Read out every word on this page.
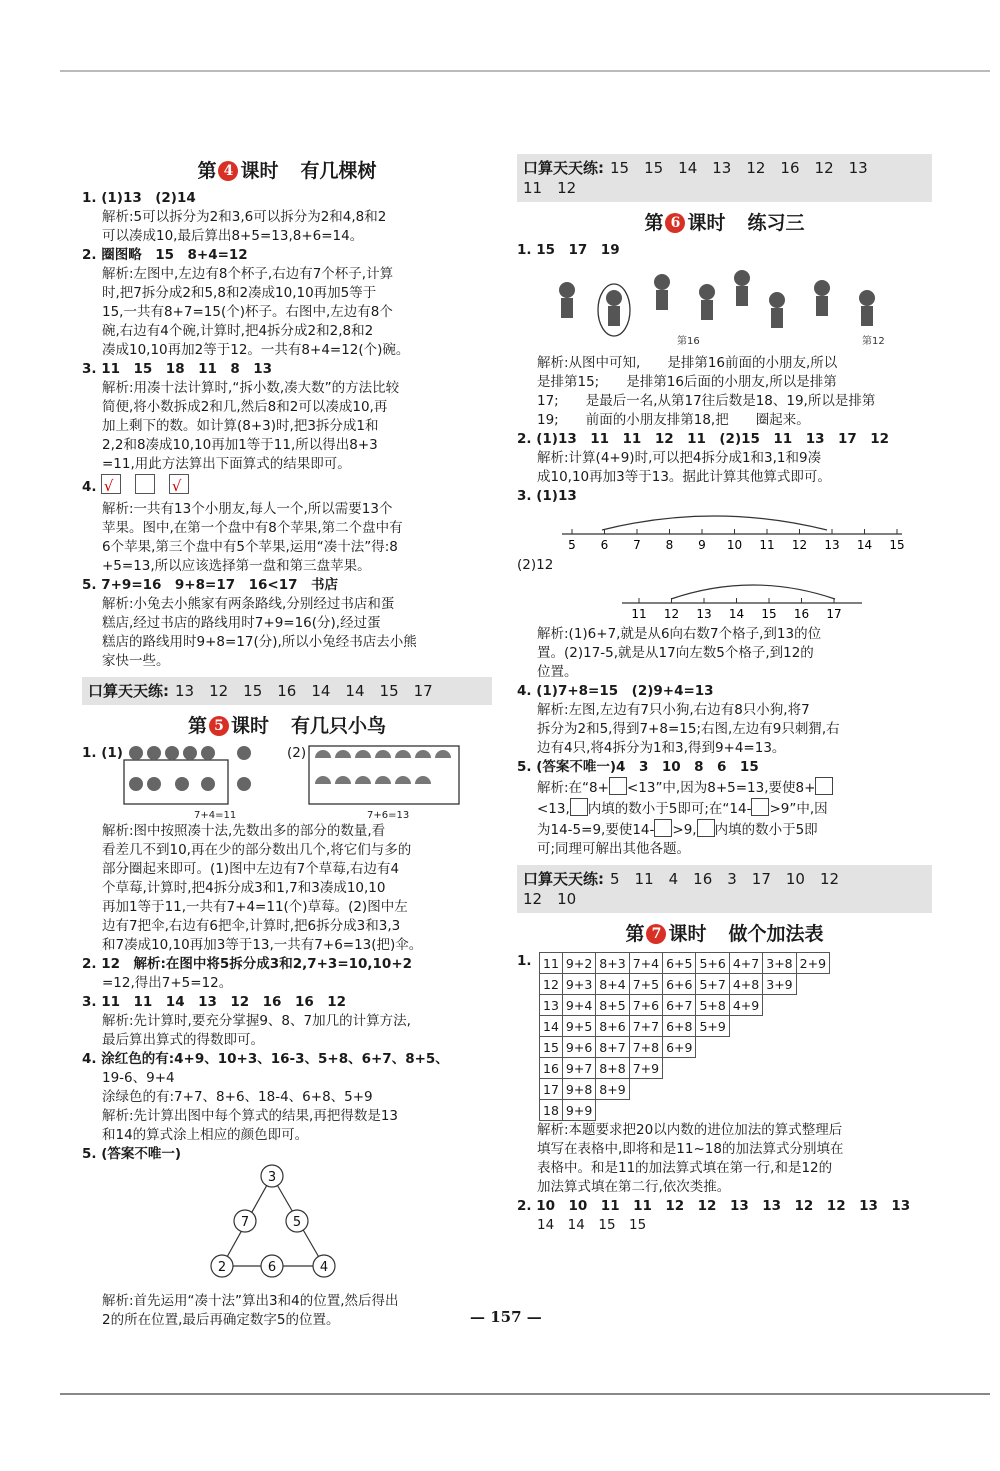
第 4 课时 有几棵树
1. (1)13　(2)14
解析:5可以拆分为2和3,6可以拆分为2和4,8和2
可以凑成10,最后算出8+5=13,8+6=14。
2. 圈图略　15　8+4=12
解析:左图中,左边有8个杯子,右边有7个杯子,计算
时,把7拆分成2和5,8和2凑成10,10再加5等于
15,一共有8+7=15(个)杯子。右图中,左边有8个
碗,右边有4个碗,计算时,把4拆分成2和2,8和2
凑成10,10再加2等于12。一共有8+4=12(个)碗。
3. 11　15　18　11　8　13
解析:用凑十法计算时,“拆小数,凑大数”的方法比较
简便,将小数拆成2和几,然后8和2可以凑成10,再
加上剩下的数。如计算(8+3)时,把3拆分成1和
2,2和8凑成10,10再加1等于11,所以得出8+3
=11,用此方法算出下面算式的结果即可。
4. √	√
解析:一共有13个小朋友,每人一个,所以需要13个
苹果。图中,在第一个盘中有8个苹果,第二个盘中有
6个苹果,第三个盘中有5个苹果,运用“凑十法”得:8
+5=13,所以应该选择第一盘和第三盘苹果。
5. 7+9=16　9+8=17　16<17　书店
解析:小兔去小熊家有两条路线,分别经过书店和蛋
糕店,经过书店的路线用时7+9=16(分),经过蛋
糕店的路线用时9+8=17(分),所以小兔经书店去小熊
家快一些。
口算天天练: 13　12　15　16　14　14　15　17
第 5 课时 有几只小鸟
1. (1)
7+4=11
(2)
7+6=13
解析:图中按照凑十法,先数出多的部分的数量,看
看差几不到10,再在少的部分数出几个,将它们与多的
部分圈起来即可。(1)图中左边有7个草莓,右边有4
个草莓,计算时,把4拆分成3和1,7和3凑成10,10
再加1等于11,一共有7+4=11(个)草莓。(2)图中左
边有7把伞,右边有6把伞,计算时,把6拆分成3和3,3
和7凑成10,10再加3等于13,一共有7+6=13(把)伞。
2. 12　解析:在图中将5拆分成3和2,7+3=10,10+2
=12,得出7+5=12。
3. 11　11　14　13　12　16　16　12
解析:先计算时,要充分掌握9、8、7加几的计算方法,
最后算出算式的得数即可。
4. 涂红色的有:4+9、10+3、16-3、5+8、6+7、8+5、
19-6、9+4
涂绿色的有:7+7、8+6、18-4、6+8、5+9
解析:先计算出图中每个算式的结果,再把得数是13
和14的算式涂上相应的颜色即可。
5. (答案不唯一)
3
7	5
2	6	4
解析:首先运用“凑十法”算出3和4的位置,然后得出
2的所在位置,最后再确定数字5的位置。
口算天天练: 15　15　14　13　12　16　12　13
11　12
第 6 课时 练习三
1. 15　17　19
第16	第12
解析:从图中可知,　　是排第16前面的小朋友,所以
是排第15;　　是排第16后面的小朋友,所以是排第
17;　　是最后一名,从第17往后数是18、19,所以是排第
19;　　前面的小朋友排第18,把　　圈起来。
2. (1)13　11　11　12　11　(2)15　11　13　17　12
解析:计算(4+9)时,可以把4拆分成1和3,1和9凑
成10,10再加3等于13。据此计算其他算式即可。
3. (1)13
5 6 7 8 9 10 11 12 13 14 15
(2)12
11 12 13 14 15 16 17
解析:(1)6+7,就是从6向右数7个格子,到13的位
置。(2)17-5,就是从17向左数5个格子,到12的
位置。
4. (1)7+8=15　(2)9+4=13
解析:左图,左边有7只小狗,右边有8只小狗,将7
拆分为2和5,得到7+8=15;右图,左边有9只刺猬,右
边有4只,将4拆分为1和3,得到9+4=13。
5. (答案不唯一)4　3　10　8　6　15
解析:在“8+ <13”中,因为8+5=13,要使8+
<13, 内填的数小于5即可;在“14- >9”中,因
为14-5=9,要使14- >9, 内填的数小于5即
可;同理可解出其他各题。
口算天天练: 5　11　4　16　3　17　10　12
12　10
第 7 课时 做个加法表
1. 11	9+2	8+3	7+4	6+5	5+6	4+7	3+8	2+9
12	9+3	8+4	7+5	6+6	5+7	4+8	3+9	
13	9+4	8+5	7+6	6+7	5+8	4+9		
14	9+5	8+6	7+7	6+8	5+9			
15	9+6	8+7	7+8	6+9				
16	9+7	8+8	7+9					
17	9+8	8+9						
18	9+9							
解析:本题要求把20以内数的进位加法的算式整理后
填写在表格中,即将和是11~18的加法算式分别填在
表格中。和是11的加法算式填在第一行,和是12的
加法算式填在第二行,依次类推。
2. 10　10　11　11　12　12　13　13　12　12　13　13
14　14　15　15
— 157 —
